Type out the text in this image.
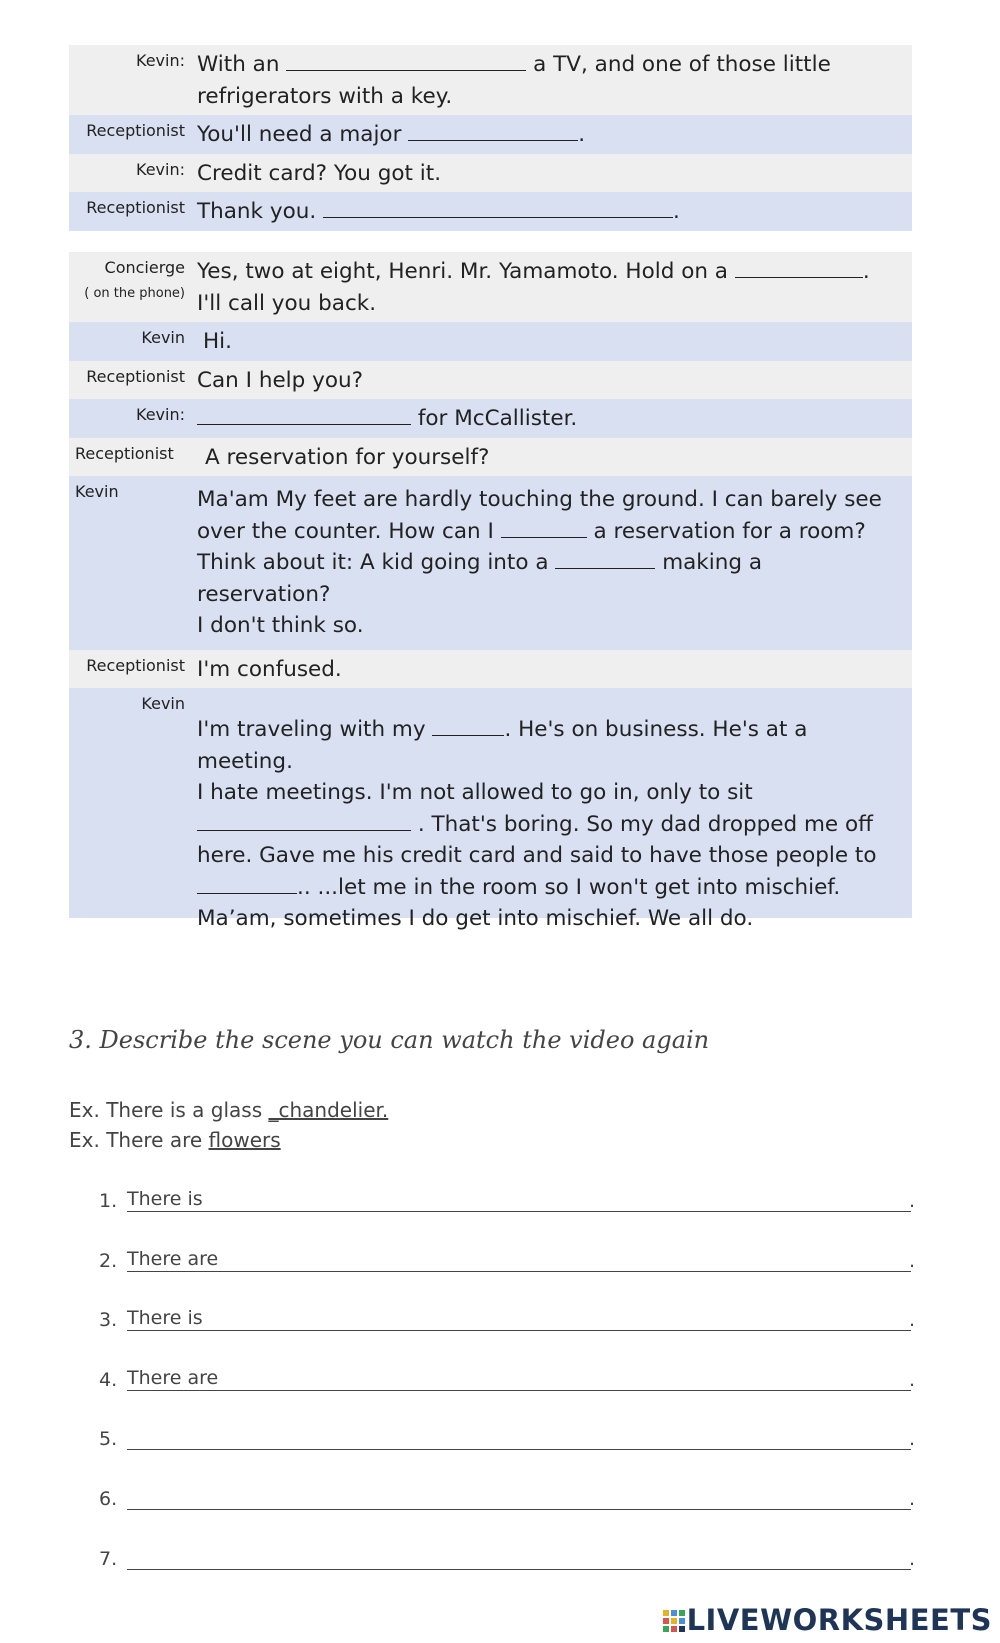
Kevin: With an	a TV, and one of those little
refrigerators with a key.
Receptionist You'll need a major	.
Kevin: Credit card? You got it.
Receptionist Thank you.	.
Concierge
( on the phone)
Yes, two at eight, Henri. Mr. Yamamoto. Hold on a	.
I'll call you back.
Kevin Hi.
Receptionist Can I help you?
Kevin:	for McCallister.
Receptionist	A reservation for yourself?
Kevin	Ma'am My feet are hardly touching the ground. I can barely see
over the counter. How can I	a reservation for a room?
Think about it: A kid going into a	making a reservation?
I don't think so.
Receptionist I'm confused.
Kevin
I'm traveling with my	. He's on business. He's at a meeting.
I hate meetings. I'm not allowed to go in, only to sit
. That's boring. So my dad dropped me off
here. Gave me his credit card and said to have those people to
.. ...let me in the room so I won't get into mischief.
Ma’am, sometimes I do get into mischief. We all do.
3. Describe the scene you can watch the video again
Ex. There is a glass _chandelier.
Ex. There are flowers
1. There is	.
2. There are	.
3. There is	.
4. There are	.
5.	.
6.	.
7.	.
LIVEWORKSHEETS
